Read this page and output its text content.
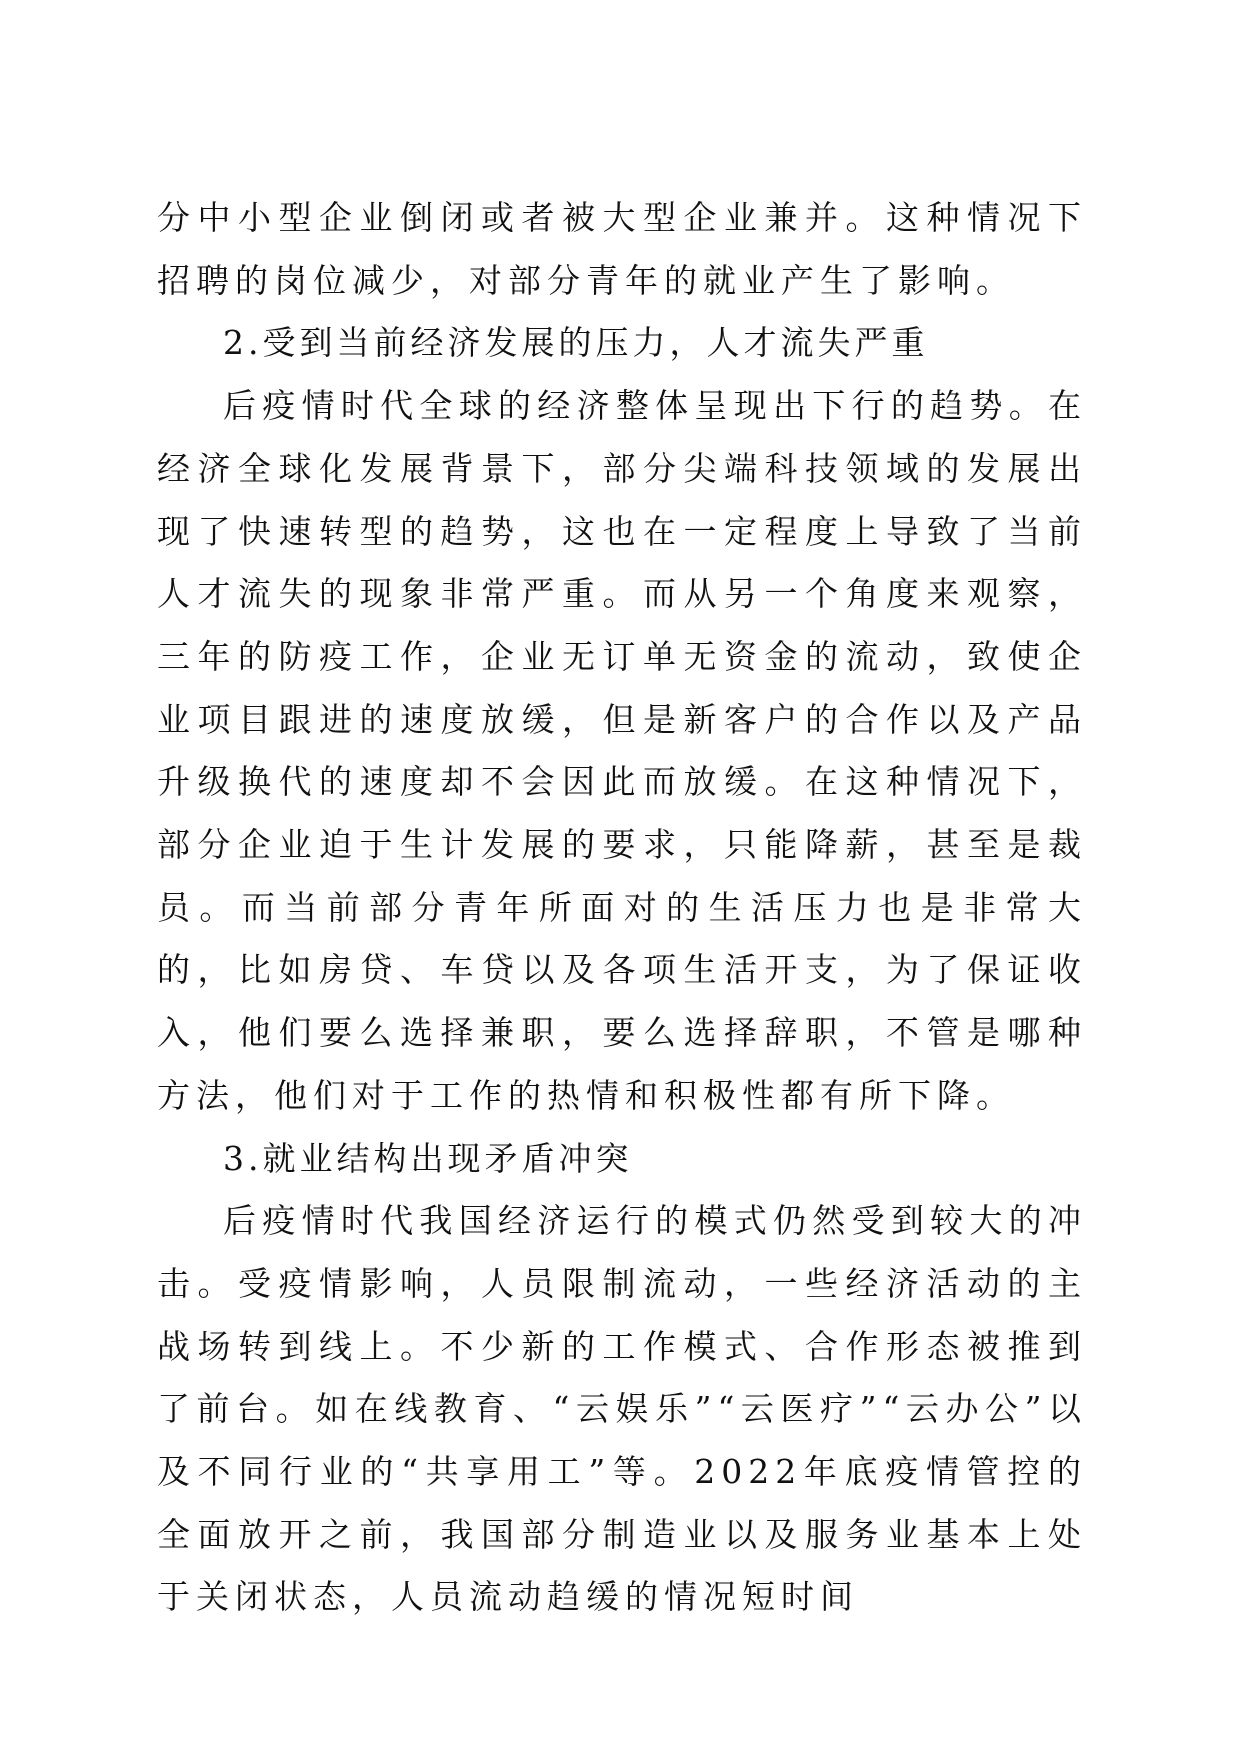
分中小型企业倒闭或者被大型企业兼并。这种情况下招聘的岗位减少，对部分青年的就业产生了影响。

2.受到当前经济发展的压力，人才流失严重

后疫情时代全球的经济整体呈现出下行的趋势。在经济全球化发展背景下，部分尖端科技领域的发展出现了快速转型的趋势，这也在一定程度上导致了当前人才流失的现象非常严重。而从另一个角度来观察，三年的防疫工作，企业无订单无资金的流动，致使企业项目跟进的速度放缓，但是新客户的合作以及产品升级换代的速度却不会因此而放缓。在这种情况下，部分企业迫于生计发展的要求，只能降薪，甚至是裁员。而当前部分青年所面对的生活压力也是非常大的，比如房贷、车贷以及各项生活开支，为了保证收入，他们要么选择兼职，要么选择辞职，不管是哪种方法，他们对于工作的热情和积极性都有所下降。

3.就业结构出现矛盾冲突

后疫情时代我国经济运行的模式仍然受到较大的冲击。受疫情影响，人员限制流动，一些经济活动的主战场转到线上。不少新的工作模式、合作形态被推到了前台。如在线教育、“云娱乐”“云医疗”“云办公”以及不同行业的“共享用工”等。2022年底疫情管控的全面放开之前，我国部分制造业以及服务业基本上处于关闭状态，人员流动趋缓的情况短时间
